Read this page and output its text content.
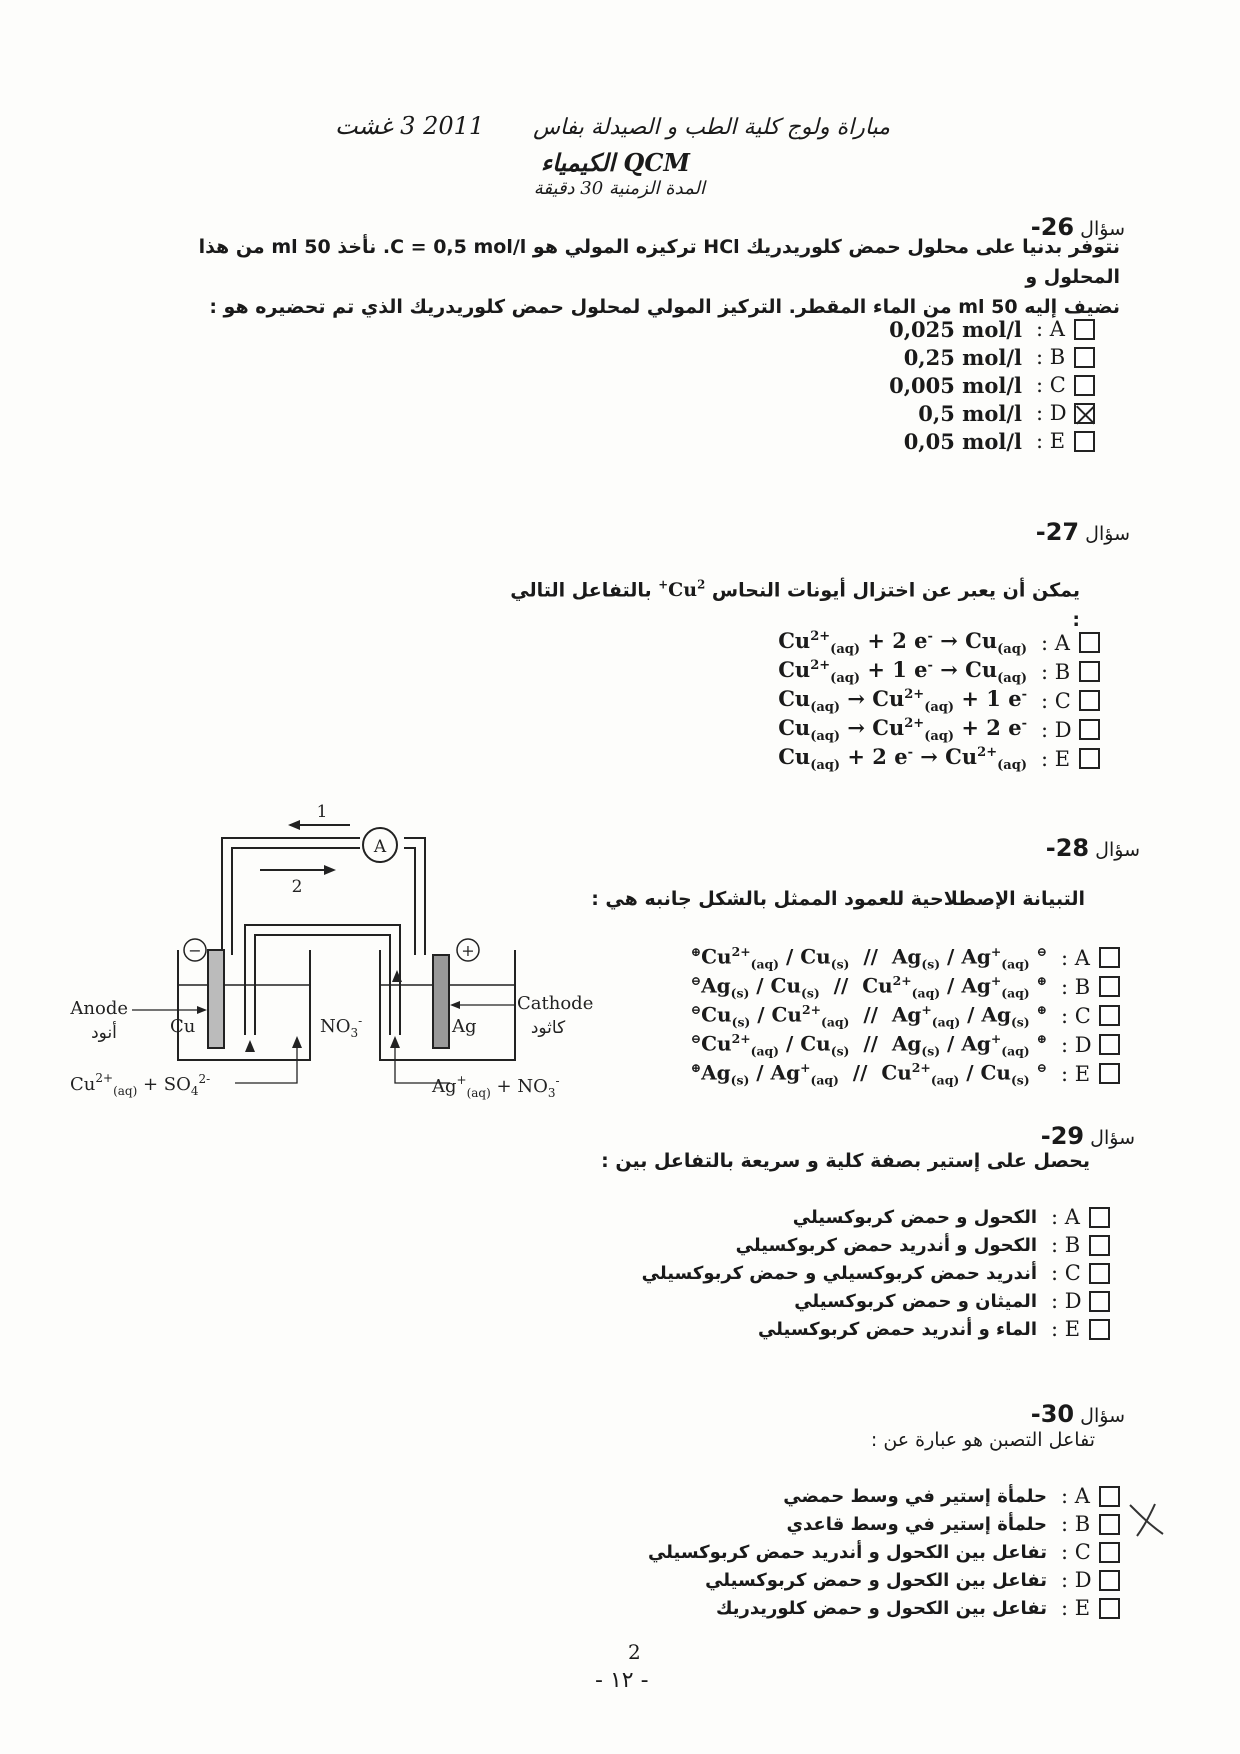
2011 3 غشت	مباراة ولوج كلية الطب و الصيدلة بفاس
QCM الكيمياء
المدة الزمنية 30 دقيقة
سؤال 26-
نتوفر بدنيا على محلول حمض كلوريدريك HCl تركيزه المولي هو C = 0,5 mol/l. نأخذ 50 ml من هذا المحلول و
نضيف إليه 50 ml من الماء المقطر. التركيز المولي لمحلول حمض كلوريدريك الذي تم تحضيره هو :
0,025 mol/l : A
0,25 mol/l : B
0,005 mol/l : C
0,5 mol/l : D
0,05 mol/l : E
سؤال 27-
يمكن أن يعبر عن اختزال أيونات النحاس $Cu^{2+}$ بالتفاعل التالي :
$Cu^{2+}_{(aq)} + 2$ $e^- \to Cu_{(aq)}$ : A
$Cu^{2+}_{(aq)} + 1$ $e^- \to Cu_{(aq)}$ : B
$Cu_{(aq)} \to Cu^{2+}_{(aq)} + 1$ e- : C
$Cu_{(aq)} \to Cu^{2+}_{(aq)} + 2$ e- : D
$Cu_{(aq)} + 2$ $e^- \to Cu^{2+}_{(aq)}$ : E
A
1
2
−	+
Anode
أنود
Cathode
كاثود
Cu	Ag
$NO_3^-$
$Cu^{2+}_{(aq)} + SO_4^{2-}$	$Ag^+_{(aq)} + NO_3^-$
سؤال 28-
التبيانة الإصطلاحية للعمود الممثل بالشكل جانبه هي :
$^\oplus Cu^{2+}_{(aq)} / Cu_{(s)} // Ag_{(s)} / Ag^+_{(aq)}$ ⊖ : A
$^⊖Ag_{(s)} / Cu_{(s)} // Cu^{2+}_{(aq)} / Ag^+_{(aq)}$ ⊕ : B
$^⊖Cu_{(s)} / Cu^{2+}_{(aq)} // Ag^+_{(aq)} / Ag_{(s)}$ ⊕ : C
$^⊖Cu^{2+}_{(aq)} / Cu_{(s)} // Ag_{(s)} / Ag^+_{(aq)}$ ⊕ : D
$^\oplus Ag_{(s)} / Ag^+_{(aq)} // Cu^{2+}_{(aq)} / Cu_{(s)}$ ⊖ : E
سؤال 29-
يحصل على إستير بصفة كلية و سريعة بالتفاعل بين :
الكحول و حمض كربوكسيلي : A
الكحول و أندريد حمض كربوكسيلي : B
أندريد حمض كربوكسيلي و حمض كربوكسيلي : C
الميثان و حمض كربوكسيلي : D
الماء و أندريد حمض كربوكسيلي : E
سؤال 30-
تفاعل التصبن هو عبارة عن :
حلمأة إستير في وسط حمضي : A
حلمأة إستير في وسط قاعدي : B
تفاعل بين الكحول و أندريد حمض كربوكسيلي : C
تفاعل بين الكحول و حمض كربوكسيلي : D
تفاعل بين الكحول و حمض كلوريدريك : E
2
- ١٢ -
